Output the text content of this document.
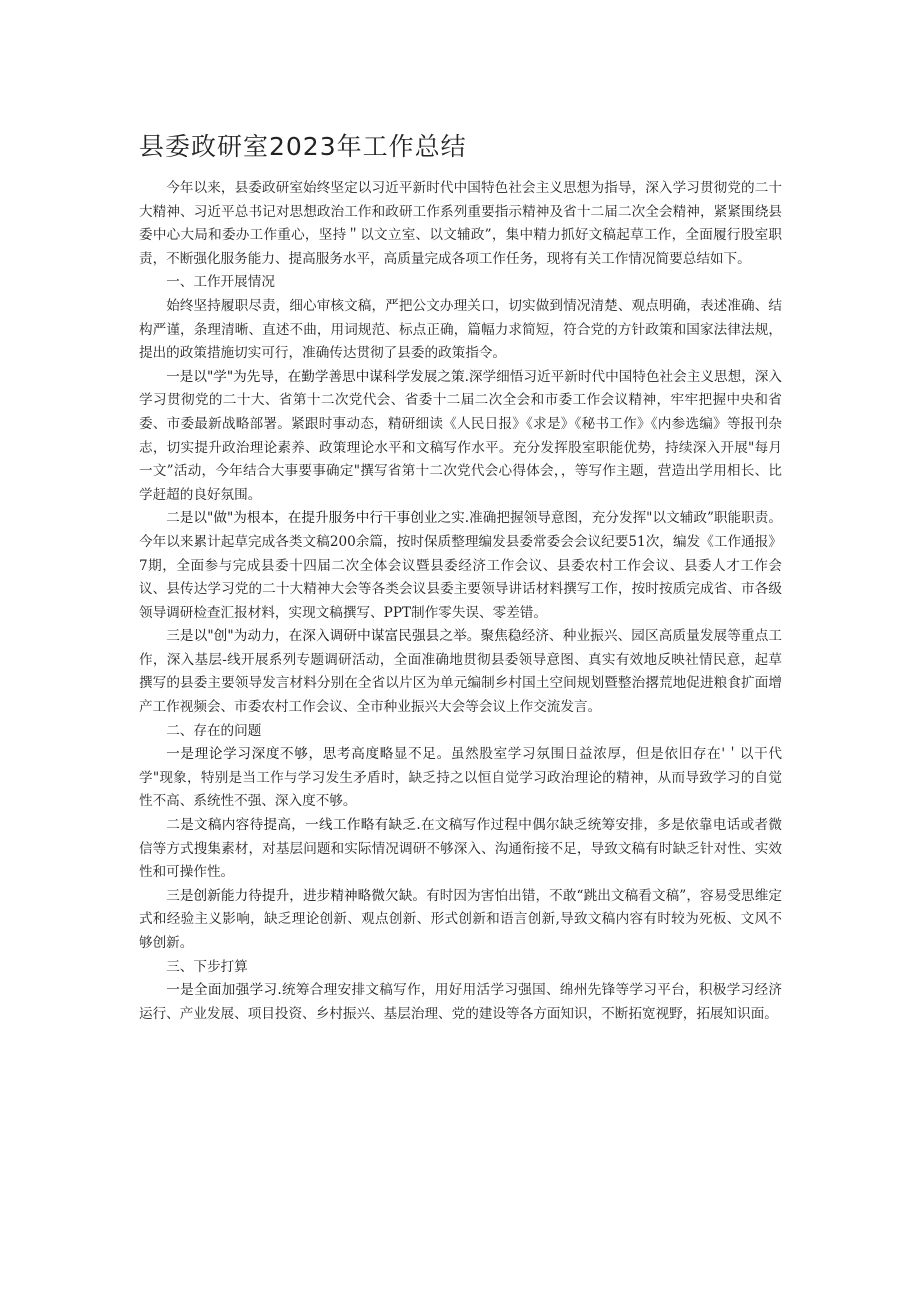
县委政研室2023年工作总结

今年以来，县委政研室始终坚定以习近平新时代中国特色社会主义思想为指导，深入学习贯彻党的二十大精神、习近平总书记对思想政治工作和政研工作系列重要指示精神及省十二届二次全会精神，紧紧围绕县委中心大局和委办工作重心，坚持＂以文立室、以文辅政”，集中精力抓好文稿起草工作，全面履行股室职责，不断强化服务能力、提高服务水平，高质量完成各项工作任务，现将有关工作情况简要总结如下。

一、工作开展情况

始终坚持履职尽责，细心审核文稿，严把公文办理关口，切实做到情况清楚、观点明确，表述准确、结构严谨，条理清晰、直述不曲，用词规范、标点正确，篇幅力求简短，符合党的方针政策和国家法律法规，提出的政策措施切实可行，准确传达贯彻了县委的政策指令。

一是以"学"为先导，在勤学善思中谋科学发展之策.深学细悟习近平新时代中国特色社会主义思想，深入学习贯彻党的二十大、省第十二次党代会、省委十二届二次全会和市委工作会议精神，牢牢把握中央和省委、市委最新战略部署。紧跟时事动态，精研细读《人民日报》《求是》《秘书工作》《内参选编》等报刊杂志，切实提升政治理论素养、政策理论水平和文稿写作水平。充分发挥股室职能优势，持续深入开展"每月一文”活动，今年结合大事要事确定"撰写省第十二次党代会心得体会，，等写作主题，营造出学用相长、比学赶超的良好氛围。

二是以"做"为根本，在提升服务中行干事创业之实.准确把握领导意图，充分发挥"以文辅政”职能职责。今年以来累计起草完成各类文稿200余篇，按时保质整理编发县委常委会会议纪要51次，编发《工作通报》7期，全面参与完成县委十四届二次全体会议暨县委经济工作会议、县委农村工作会议、县委人才工作会议、县传达学习党的二十大精神大会等各类会议县委主要领导讲话材料撰写工作，按时按质完成省、市各级领导调研检查汇报材料，实现文稿撰写、PPT制作零失误、零差错。

三是以"创"为动力，在深入调研中谋富民强县之举。聚焦稳经济、种业振兴、园区高质量发展等重点工作，深入基层-线开展系列专题调研活动，全面准确地贯彻县委领导意图、真实有效地反映社情民意，起草撰写的县委主要领导发言材料分别在全省以片区为单元编制乡村国土空间规划暨整治撂荒地促进粮食扩面增产工作视频会、市委农村工作会议、全市种业振兴大会等会议上作交流发言。

二、存在的问题

一是理论学习深度不够，思考高度略显不足。虽然股室学习氛围日益浓厚，但是依旧存在'＇以干代学"现象，特别是当工作与学习发生矛盾时，缺乏持之以恒自觉学习政治理论的精神，从而导致学习的自觉性不高、系统性不强、深入度不够。

二是文稿内容待提高，一线工作略有缺乏.在文稿写作过程中偶尔缺乏统筹安排，多是依靠电话或者微信等方式搜集素材，对基层问题和实际情况调研不够深入、沟通衔接不足，导致文稿有时缺乏针对性、实效性和可操作性。

三是创新能力待提升，进步精神略微欠缺。有时因为害怕出错，不敢“跳出文稿看文稿”，容易受思维定式和经验主义影响，缺乏理论创新、观点创新、形式创新和语言创新,导致文稿内容有时较为死板、文风不够创新。

三、下步打算

一是全面加强学习.统筹合理安排文稿写作，用好用活学习强国、绵州先锋等学习平台，积极学习经济运行、产业发展、项目投资、乡村振兴、基层治理、党的建设等各方面知识，不断拓宽视野，拓展知识面。
